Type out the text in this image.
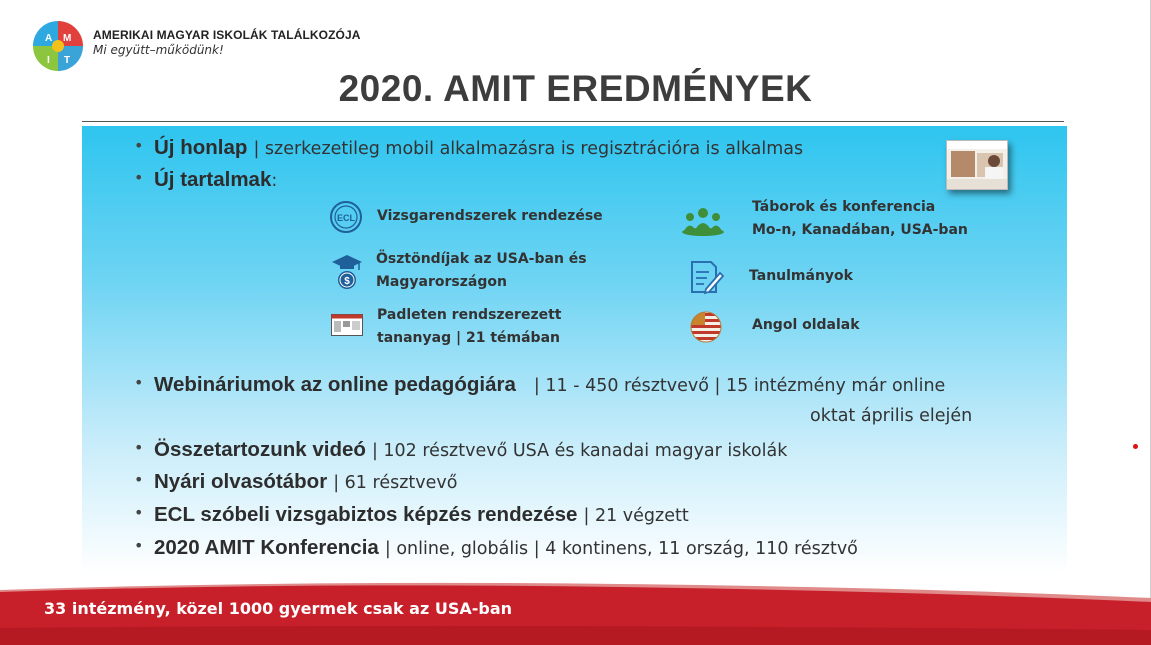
A M
I T
AMERIKAI MAGYAR ISKOLÁK TALÁLKOZÓJA
Mi együtt–működünk!
2020. AMIT EREDMÉNYEK
• Új honlap | szerkezetileg mobil alkalmazásra is regisztrációra is alkalmas
• Új tartalmak:
ECL Vizsgarendszerek rendezése
$
Ösztöndíjak az USA-ban és
Magyarországon
Padleten rendszerezett
tananyag | 21 témában
Táborok és konferencia
Mo-n, Kanadában, USA-ban
Tanulmányok
Angol oldalak
• Webináriumok az online pedagógiára | 11 - 450 résztvevő | 15 intézmény már online
oktat április elején
• Összetartozunk videó | 102 résztvevő USA és kanadai magyar iskolák
• Nyári olvasótábor | 61 résztvevő
• ECL szóbeli vizsgabiztos képzés rendezése | 21 végzett
• 2020 AMIT Konferencia | online, globális | 4 kontinens, 11 ország, 110 résztvő
33 intézmény, közel 1000 gyermek csak az USA-ban
